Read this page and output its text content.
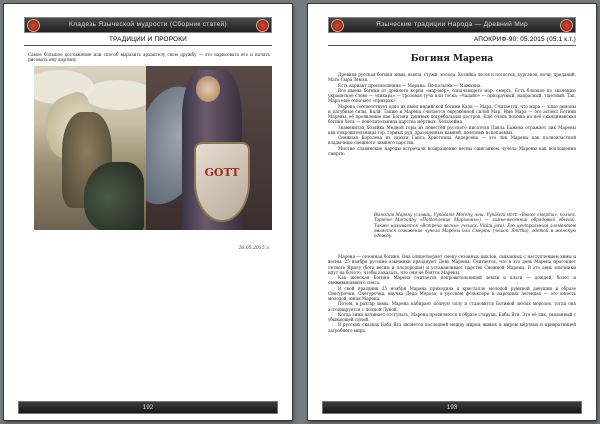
Кладезь Языческой мудрости (Сборник статей)
ТРАДИЦИИ И ПРОРОКИ

Самое большое достижение или способ выразить архангелу свою дружбу — это нарисовать его и начать рисовать ему картину.

GOTT
26.05.2015 г.
192
Языческие традиции Народа — Древний Мир
АПОКРИФ-90: 05.2015 (05.1 к.т.)
Богиня Марена

Древняя русская богиня зимы, вьюги, стужи, холода. Хозяйка лесов и погостов, курганов, ночи, преданий, Мать Сыра Земля.

Есть вариант произношения — Морана. По-польски — Мажанна.

Все имена богини от древнего корня «мар-мор», означающего мор, смерть. Есть близкое по значению украинское слово — «кикара» — грозовая туча или тоска, «чадайо» — призрачный, напрасный, тщетный. Так, Мара ещё означает «призрак».

Марена соответствует одно из имён индийской богини Кали — Мара. Считается, что мара — злые демоны и пагубные силы. Кали. Также и Марена считается окружённой силой Мар. Имя Мара — это аспект Богини Марены, её проявление как Богини тринных погребальных костров. Ещё очень похожа на неё скандинавская богиня Хель — повелительница царства мёртвых, Хельхейма.

Знаменитая Хозяйка Медной горы из повестей русского писателя Павла Бажова отражает лик Марены как покровительницы гор, горных руд, драгоценных камней, полезных ископаемых.

Снежная Королева из сказки Ганса Христиана Андерсена — это лик Марены как полновластной владычицы снежного зимнего царства.

Многие славянские народы встречали возвращение весны сжиганием чучела Марены как воплощения смерти:

Выносим Марену (словац. Vynášanie Moreny, чеш. Vynášení smrti «Вынос смерти», польск. Topienie Marzanny «Потопление Марзанны») — зимне-весенний обрядовый обычай. Также называется «Встреча весны» (чешск. Vítání jara). Его центральным элементом является сожжение чучела Марены или Смерти (чешск. Smrtka), одетой в женскую одежду.

Марена — сезонная богиня. Она олицетворяет смену сезонных циклов, связанных с наступлением зимы и весны. 25 ноября русские язычники празднуют День Марены. Считается, что в это день Марена прогоняет летнего Ярилу (бога весны и плодородия) и устанавливает царство Снежной Марены. В это день язычники идут на болото, чтобы показать, что они не боятся Марены.

Как женская Богиня Марена считается покровительницей земли и влаги — дождей, болот и свежевыпавшего снега.

В свой праздник 25 ноября Марена приходила в кристалле молодой румяной девушки в образе Снегурочки. Снегурочка, внучка Деда Мороза, в русском фольклоре и народных легендах — это юность молодой, юная Марена.

Потом, в разгар зимы, Марена набирает полную силу и становится Богиней лютых морозов, тогда она ассоциируется с полной Луной.

Когда зима начинает отступать, Марена проявляется в образе старухи, Бабы Яги. Это её лик, связанный с убывающей луной.

В русских сказках Баба Яга является последней между миром живых и миром мёртвых и привратницей загробного мира.

193
